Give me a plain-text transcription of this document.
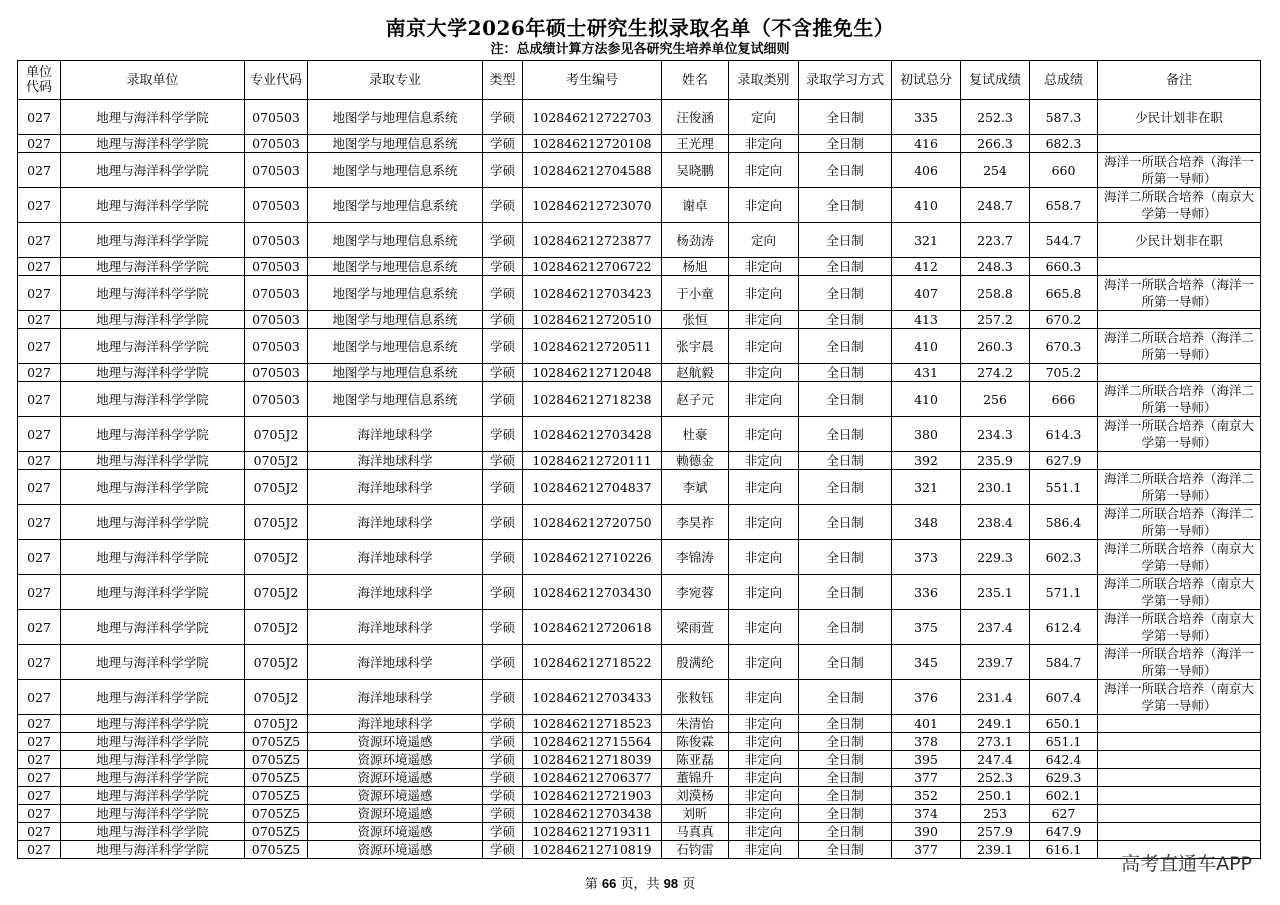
南京大学2026年硕士研究生拟录取名单（不含推免生）
注：总成绩计算方法参见各研究生培养单位复试细则
单位
代码	录取单位	专业代码	录取专业	类型	考生编号	姓名	录取类别	录取学习方式	初试总分	复试成绩	总成绩	备注
027	地理与海洋科学学院	070503	地图学与地理信息系统	学硕	102846212722703	汪俊涵	定向	全日制	335	252.3	587.3	少民计划非在职
027	地理与海洋科学学院	070503	地图学与地理信息系统	学硕	102846212720108	王光理	非定向	全日制	416	266.3	682.3	
027	地理与海洋科学学院	070503	地图学与地理信息系统	学硕	102846212704588	吴晓鹏	非定向	全日制	406	254	660	海洋一所联合培养（海洋一所第一导师）
027	地理与海洋科学学院	070503	地图学与地理信息系统	学硕	102846212723070	谢卓	非定向	全日制	410	248.7	658.7	海洋二所联合培养（南京大学第一导师）
027	地理与海洋科学学院	070503	地图学与地理信息系统	学硕	102846212723877	杨劲涛	定向	全日制	321	223.7	544.7	少民计划非在职
027	地理与海洋科学学院	070503	地图学与地理信息系统	学硕	102846212706722	杨旭	非定向	全日制	412	248.3	660.3	
027	地理与海洋科学学院	070503	地图学与地理信息系统	学硕	102846212703423	于小童	非定向	全日制	407	258.8	665.8	海洋一所联合培养（海洋一所第一导师）
027	地理与海洋科学学院	070503	地图学与地理信息系统	学硕	102846212720510	张恒	非定向	全日制	413	257.2	670.2	
027	地理与海洋科学学院	070503	地图学与地理信息系统	学硕	102846212720511	张宇晨	非定向	全日制	410	260.3	670.3	海洋二所联合培养（海洋二所第一导师）
027	地理与海洋科学学院	070503	地图学与地理信息系统	学硕	102846212712048	赵航毅	非定向	全日制	431	274.2	705.2	
027	地理与海洋科学学院	070503	地图学与地理信息系统	学硕	102846212718238	赵子元	非定向	全日制	410	256	666	海洋二所联合培养（海洋二所第一导师）
027	地理与海洋科学学院	0705J2	海洋地球科学	学硕	102846212703428	杜豪	非定向	全日制	380	234.3	614.3	海洋一所联合培养（南京大学第一导师）
027	地理与海洋科学学院	0705J2	海洋地球科学	学硕	102846212720111	赖德金	非定向	全日制	392	235.9	627.9	
027	地理与海洋科学学院	0705J2	海洋地球科学	学硕	102846212704837	李斌	非定向	全日制	321	230.1	551.1	海洋二所联合培养（海洋二所第一导师）
027	地理与海洋科学学院	0705J2	海洋地球科学	学硕	102846212720750	李昊祚	非定向	全日制	348	238.4	586.4	海洋二所联合培养（海洋二所第一导师）
027	地理与海洋科学学院	0705J2	海洋地球科学	学硕	102846212710226	李锦涛	非定向	全日制	373	229.3	602.3	海洋二所联合培养（南京大学第一导师）
027	地理与海洋科学学院	0705J2	海洋地球科学	学硕	102846212703430	李宛蓉	非定向	全日制	336	235.1	571.1	海洋二所联合培养（南京大学第一导师）
027	地理与海洋科学学院	0705J2	海洋地球科学	学硕	102846212720618	梁雨萱	非定向	全日制	375	237.4	612.4	海洋一所联合培养（南京大学第一导师）
027	地理与海洋科学学院	0705J2	海洋地球科学	学硕	102846212718522	殷满纶	非定向	全日制	345	239.7	584.7	海洋一所联合培养（海洋一所第一导师）
027	地理与海洋科学学院	0705J2	海洋地球科学	学硕	102846212703433	张籹钰	非定向	全日制	376	231.4	607.4	海洋一所联合培养（南京大学第一导师）
027	地理与海洋科学学院	0705J2	海洋地球科学	学硕	102846212718523	朱清怡	非定向	全日制	401	249.1	650.1	
027	地理与海洋科学学院	0705Z5	资源环境遥感	学硕	102846212715564	陈俊霖	非定向	全日制	378	273.1	651.1	
027	地理与海洋科学学院	0705Z5	资源环境遥感	学硕	102846212718039	陈亚磊	非定向	全日制	395	247.4	642.4	
027	地理与海洋科学学院	0705Z5	资源环境遥感	学硕	102846212706377	董锦升	非定向	全日制	377	252.3	629.3	
027	地理与海洋科学学院	0705Z5	资源环境遥感	学硕	102846212721903	刘漠杨	非定向	全日制	352	250.1	602.1	
027	地理与海洋科学学院	0705Z5	资源环境遥感	学硕	102846212703438	刘昕	非定向	全日制	374	253	627	
027	地理与海洋科学学院	0705Z5	资源环境遥感	学硕	102846212719311	马真真	非定向	全日制	390	257.9	647.9	
027	地理与海洋科学学院	0705Z5	资源环境遥感	学硕	102846212710819	石钧雷	非定向	全日制	377	239.1	616.1	
第 66 页，共 98 页
高考直通车APP
